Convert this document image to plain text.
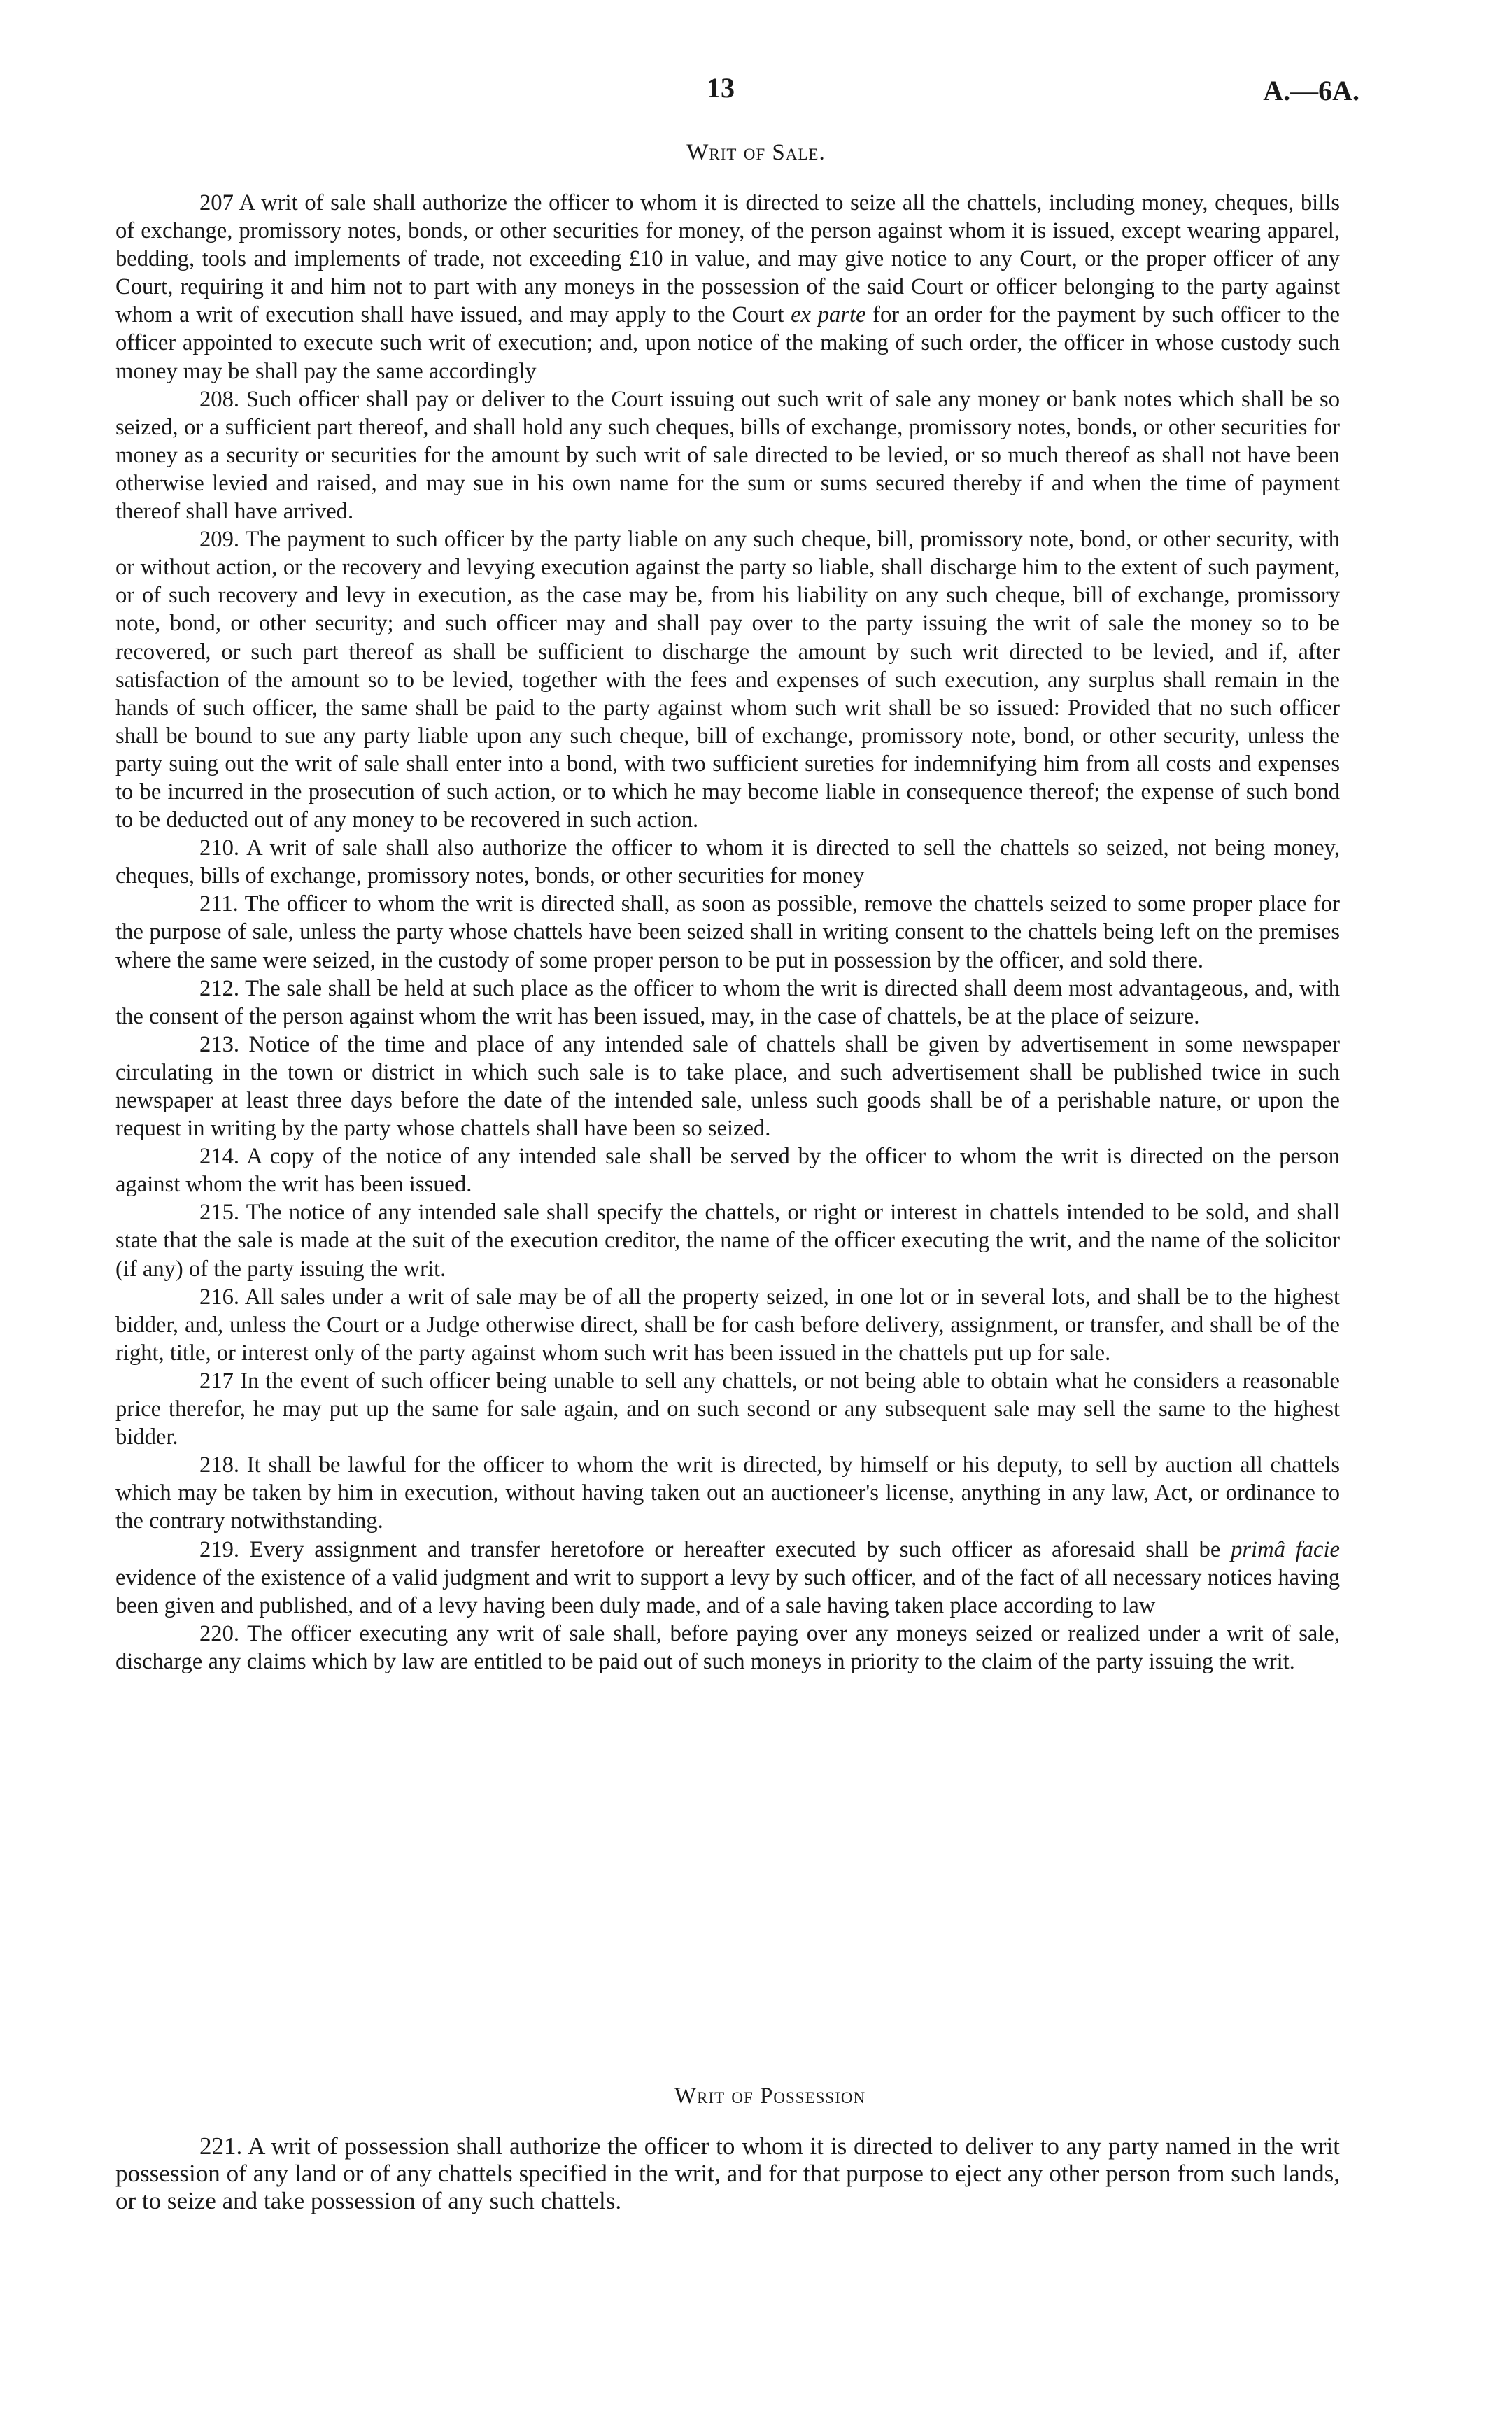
13	A.—6A.
Writ of Sale.

207 A writ of sale shall authorize the officer to whom it is directed to seize all the chattels, including money, cheques, bills of exchange, promissory notes, bonds, or other securities for money, of the person against whom it is issued, except wearing apparel, bedding, tools and implements of trade, not exceeding £10 in value, and may give notice to any Court, or the proper officer of any Court, requiring it and him not to part with any moneys in the possession of the said Court or officer belonging to the party against whom a writ of execution shall have issued, and may apply to the Court ex parte for an order for the payment by such officer to the officer appointed to execute such writ of execution; and, upon notice of the making of such order, the officer in whose custody such money may be shall pay the same accordingly

208. Such officer shall pay or deliver to the Court issuing out such writ of sale any money or bank notes which shall be so seized, or a sufficient part thereof, and shall hold any such cheques, bills of exchange, promissory notes, bonds, or other securities for money as a security or securities for the amount by such writ of sale directed to be levied, or so much thereof as shall not have been otherwise levied and raised, and may sue in his own name for the sum or sums secured thereby if and when the time of payment thereof shall have arrived.

209. The payment to such officer by the party liable on any such cheque, bill, promissory note, bond, or other security, with or without action, or the recovery and levying execution against the party so liable, shall discharge him to the extent of such payment, or of such recovery and levy in execution, as the case may be, from his liability on any such cheque, bill of exchange, promissory note, bond, or other security; and such officer may and shall pay over to the party issuing the writ of sale the money so to be recovered, or such part thereof as shall be sufficient to discharge the amount by such writ directed to be levied, and if, after satisfaction of the amount so to be levied, together with the fees and expenses of such execution, any surplus shall remain in the hands of such officer, the same shall be paid to the party against whom such writ shall be so issued: Provided that no such officer shall be bound to sue any party liable upon any such cheque, bill of exchange, promissory note, bond, or other security, unless the party suing out the writ of sale shall enter into a bond, with two sufficient sureties for indemnifying him from all costs and expenses to be incurred in the prosecution of such action, or to which he may become liable in consequence thereof; the expense of such bond to be deducted out of any money to be recovered in such action.

210. A writ of sale shall also authorize the officer to whom it is directed to sell the chattels so seized, not being money, cheques, bills of exchange, promissory notes, bonds, or other securities for money

211. The officer to whom the writ is directed shall, as soon as possible, remove the chattels seized to some proper place for the purpose of sale, unless the party whose chattels have been seized shall in writing consent to the chattels being left on the premises where the same were seized, in the custody of some proper person to be put in possession by the officer, and sold there.

212. The sale shall be held at such place as the officer to whom the writ is directed shall deem most advantageous, and, with the consent of the person against whom the writ has been issued, may, in the case of chattels, be at the place of seizure.

213. Notice of the time and place of any intended sale of chattels shall be given by advertisement in some newspaper circulating in the town or district in which such sale is to take place, and such advertisement shall be published twice in such newspaper at least three days before the date of the intended sale, unless such goods shall be of a perishable nature, or upon the request in writing by the party whose chattels shall have been so seized.

214. A copy of the notice of any intended sale shall be served by the officer to whom the writ is directed on the person against whom the writ has been issued.

215. The notice of any intended sale shall specify the chattels, or right or interest in chattels intended to be sold, and shall state that the sale is made at the suit of the execution creditor, the name of the officer executing the writ, and the name of the solicitor (if any) of the party issuing the writ.

216. All sales under a writ of sale may be of all the property seized, in one lot or in several lots, and shall be to the highest bidder, and, unless the Court or a Judge otherwise direct, shall be for cash before delivery, assignment, or transfer, and shall be of the right, title, or interest only of the party against whom such writ has been issued in the chattels put up for sale.

217 In the event of such officer being unable to sell any chattels, or not being able to obtain what he considers a reasonable price therefor, he may put up the same for sale again, and on such second or any subsequent sale may sell the same to the highest bidder.

218. It shall be lawful for the officer to whom the writ is directed, by himself or his deputy, to sell by auction all chattels which may be taken by him in execution, without having taken out an auctioneer's license, anything in any law, Act, or ordinance to the contrary notwithstanding.

219. Every assignment and transfer heretofore or hereafter executed by such officer as aforesaid shall be primâ facie evidence of the existence of a valid judgment and writ to support a levy by such officer, and of the fact of all necessary notices having been given and published, and of a levy having been duly made, and of a sale having taken place according to law

220. The officer executing any writ of sale shall, before paying over any moneys seized or realized under a writ of sale, discharge any claims which by law are entitled to be paid out of such moneys in priority to the claim of the party issuing the writ.

Writ of Possession

221. A writ of possession shall authorize the officer to whom it is directed to deliver to any party named in the writ possession of any land or of any chattels specified in the writ, and for that purpose to eject any other person from such lands, or to seize and take possession of any such chattels.
